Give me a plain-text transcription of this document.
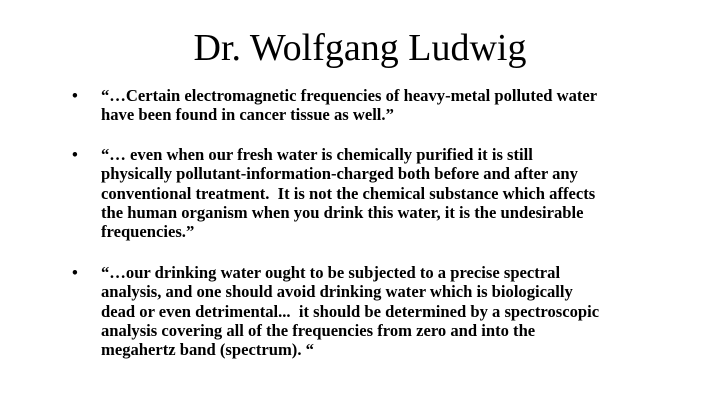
Dr. Wolfgang Ludwig
• “…Certain electromagnetic frequencies of heavy-metal polluted water
have been found in cancer tissue as well.”
• “… even when our fresh water is chemically purified it is still
physically pollutant-information-charged both before and after any
conventional treatment.  It is not the chemical substance which affects
the human organism when you drink this water, it is the undesirable
frequencies.”
• “…our drinking water ought to be subjected to a precise spectral
analysis, and one should avoid drinking water which is biologically
dead or even detrimental...  it should be determined by a spectroscopic
analysis covering all of the frequencies from zero and into the
megahertz band (spectrum). “
